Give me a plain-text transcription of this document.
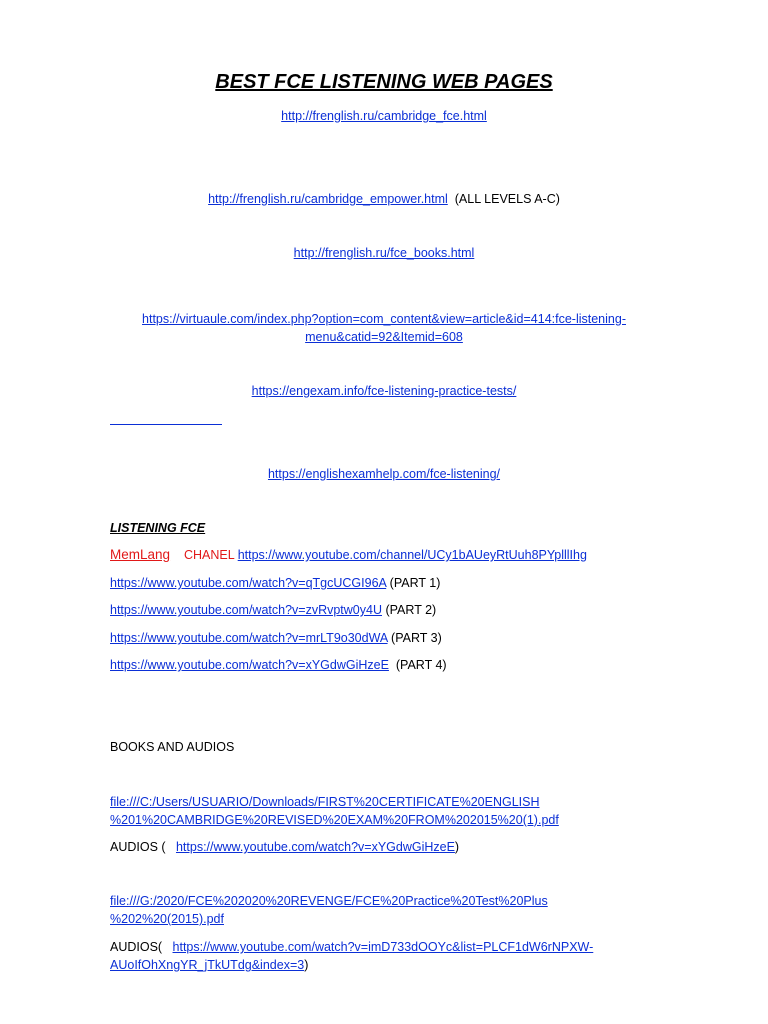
BEST FCE LISTENING WEB PAGES
http://frenglish.ru/cambridge_fce.html
http://frenglish.ru/cambridge_empower.html (ALL LEVELS A-C)
http://frenglish.ru/fce_books.html
https://virtuaule.com/index.php?option=com_content&view=article&id=414:fce-listening-
menu&catid=92&Itemid=608
https://engexam.info/fce-listening-practice-tests/
https://englishexamhelp.com/fce-listening/
LISTENING FCE
MemLang CHANEL https://www.youtube.com/channel/UCy1bAUeyRtUuh8PYplllIhg
https://www.youtube.com/watch?v=qTgcUCGI96A (PART 1)
https://www.youtube.com/watch?v=zvRvptw0y4U (PART 2)
https://www.youtube.com/watch?v=mrLT9o30dWA (PART 3)
https://www.youtube.com/watch?v=xYGdwGiHzeE (PART 4)
BOOKS AND AUDIOS
file:///C:/Users/USUARIO/Downloads/FIRST%20CERTIFICATE%20ENGLISH
%201%20CAMBRIDGE%20REVISED%20EXAM%20FROM%202015%20(1).pdf
AUDIOS ( https://www.youtube.com/watch?v=xYGdwGiHzeE)
file:///G:/2020/FCE%202020%20REVENGE/FCE%20Practice%20Test%20Plus
%202%20(2015).pdf
AUDIOS( https://www.youtube.com/watch?v=imD733dOOYc&list=PLCF1dW6rNPXW-
AUoIfOhXngYR_jTkUTdg&index=3)
